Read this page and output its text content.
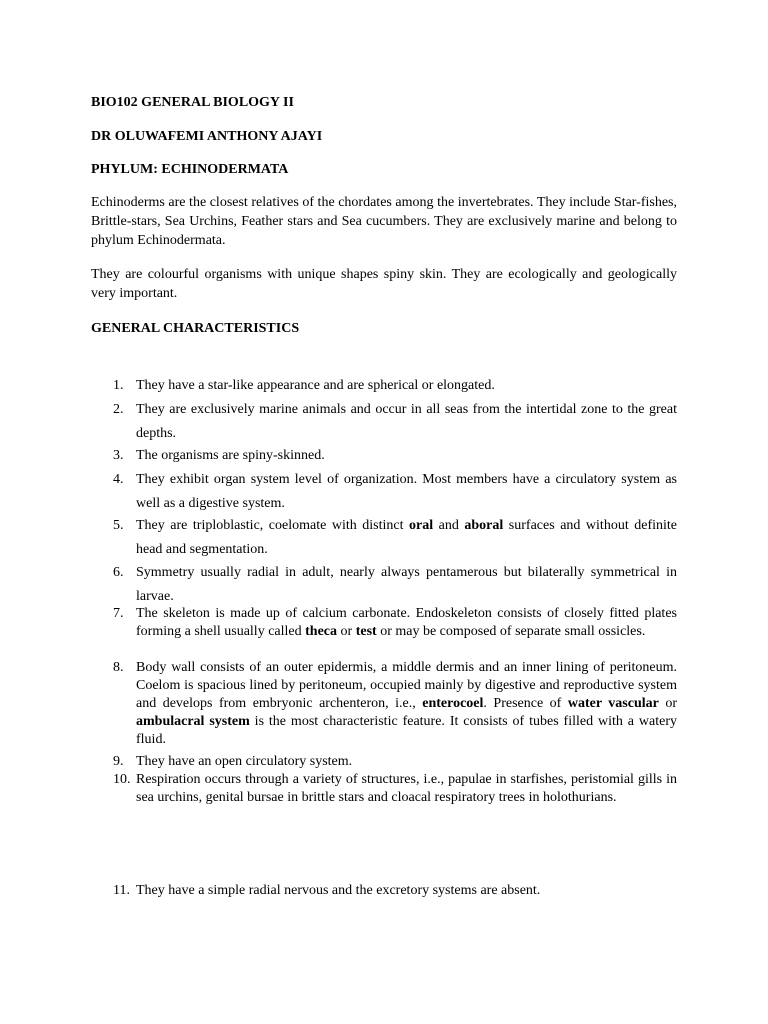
BIO102 GENERAL BIOLOGY II

DR OLUWAFEMI ANTHONY AJAYI

PHYLUM: ECHINODERMATA

Echinoderms are the closest relatives of the chordates among the invertebrates. They include Star-fishes, Brittle-stars, Sea Urchins, Feather stars and Sea cucumbers. They are exclusively marine and belong to phylum Echinodermata.

They are colourful organisms with unique shapes spiny skin. They are ecologically and geologically very important.

GENERAL CHARACTERISTICS

1. They have a star-like appearance and are spherical or elongated.
2. They are exclusively marine animals and occur in all seas from the intertidal zone to the great depths.
3. The organisms are spiny-skinned.
4. They exhibit organ system level of organization. Most members have a circulatory system as well as a digestive system.
5. They are triploblastic, coelomate with distinct oral and aboral surfaces and without definite head and segmentation.
6. Symmetry usually radial in adult, nearly always pentamerous but bilaterally symmetrical in larvae.
7. The skeleton is made up of calcium carbonate. Endoskeleton consists of closely fitted plates forming a shell usually called theca or test or may be composed of separate small ossicles.
8. Body wall consists of an outer epidermis, a middle dermis and an inner lining of peritoneum. Coelom is spacious lined by peritoneum, occupied mainly by digestive and reproductive system and develops from embryonic archenteron, i.e., enterocoel. Presence of water vascular or ambulacral system is the most characteristic feature. It consists of tubes filled with a watery fluid.
9. They have an open circulatory system.
10. Respiration occurs through a variety of structures, i.e., papulae in starfishes, peristomial gills in sea urchins, genital bursae in brittle stars and cloacal respiratory trees in holothurians.
11. They have a simple radial nervous and the excretory systems are absent.
